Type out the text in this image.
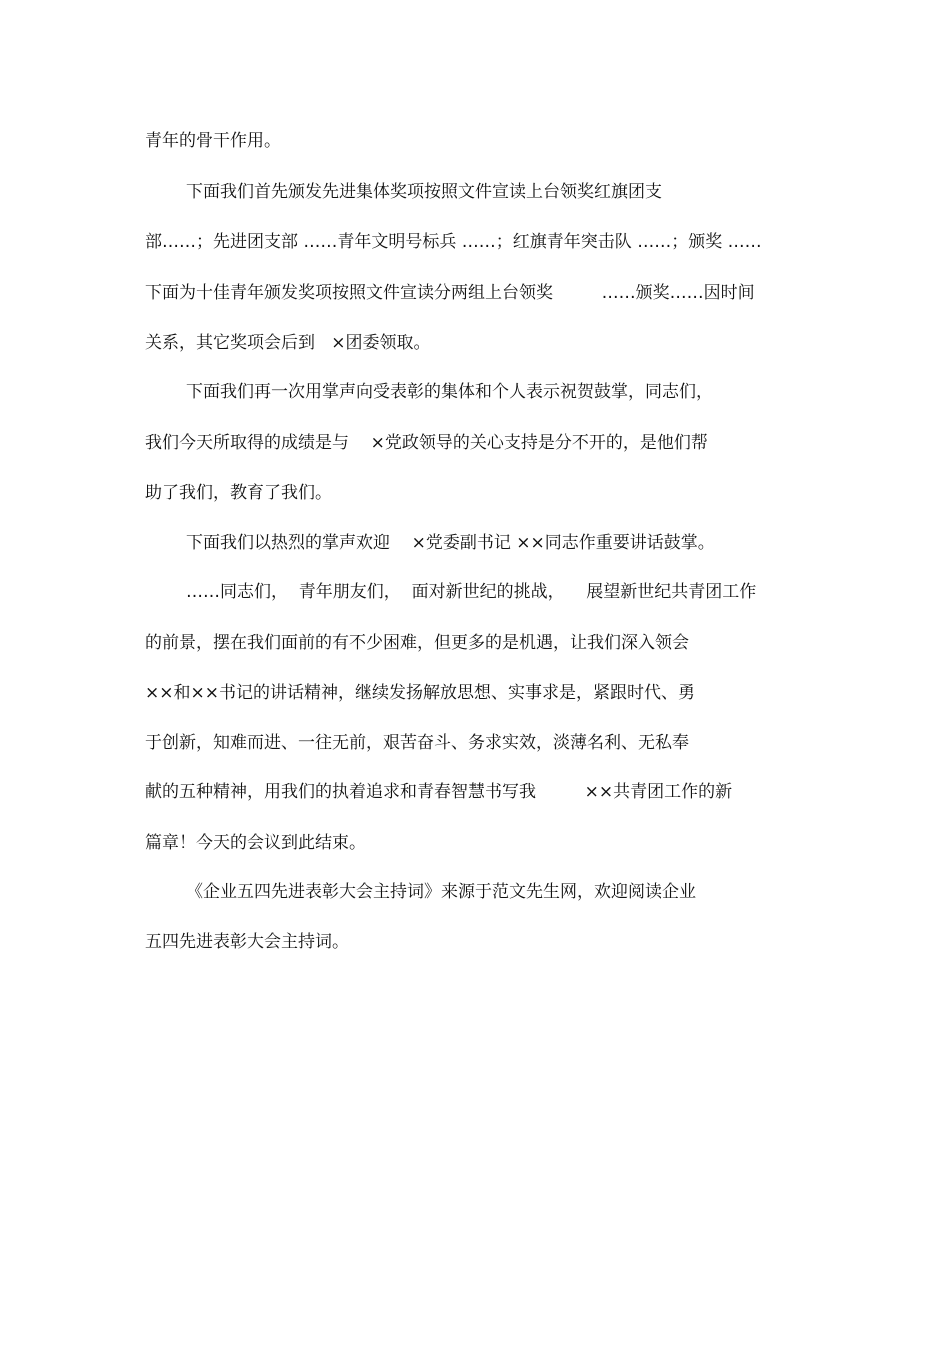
青年的骨干作用。
下面我们首先颁发先进集体奖项按照文件宣读上台领奖红旗团支
部……；先进团支部 ……青年文明号标兵 ……；红旗青年突击队 ……；颁奖 ……
下面为十佳青年颁发奖项按照文件宣读分两组上台领奖         ……颁奖……因时间
关系，其它奖项会后到   ×团委领取。
下面我们再一次用掌声向受表彰的集体和个人表示祝贺鼓掌，同志们，
我们今天所取得的成绩是与    ×党政领导的关心支持是分不开的，是他们帮
助了我们，教育了我们。
下面我们以热烈的掌声欢迎    ×党委副书记 ××同志作重要讲话鼓掌。
……同志们，  青年朋友们，  面对新世纪的挑战，    展望新世纪共青团工作
的前景，摆在我们面前的有不少困难，但更多的是机遇，让我们深入领会
××和××书记的讲话精神，继续发扬解放思想、实事求是，紧跟时代、勇
于创新，知难而进、一往无前，艰苦奋斗、务求实效，淡薄名利、无私奉
献的五种精神，用我们的执着追求和青春智慧书写我         ××共青团工作的新
篇章！今天的会议到此结束。
《企业五四先进表彰大会主持词》来源于范文先生网，欢迎阅读企业
五四先进表彰大会主持词。
